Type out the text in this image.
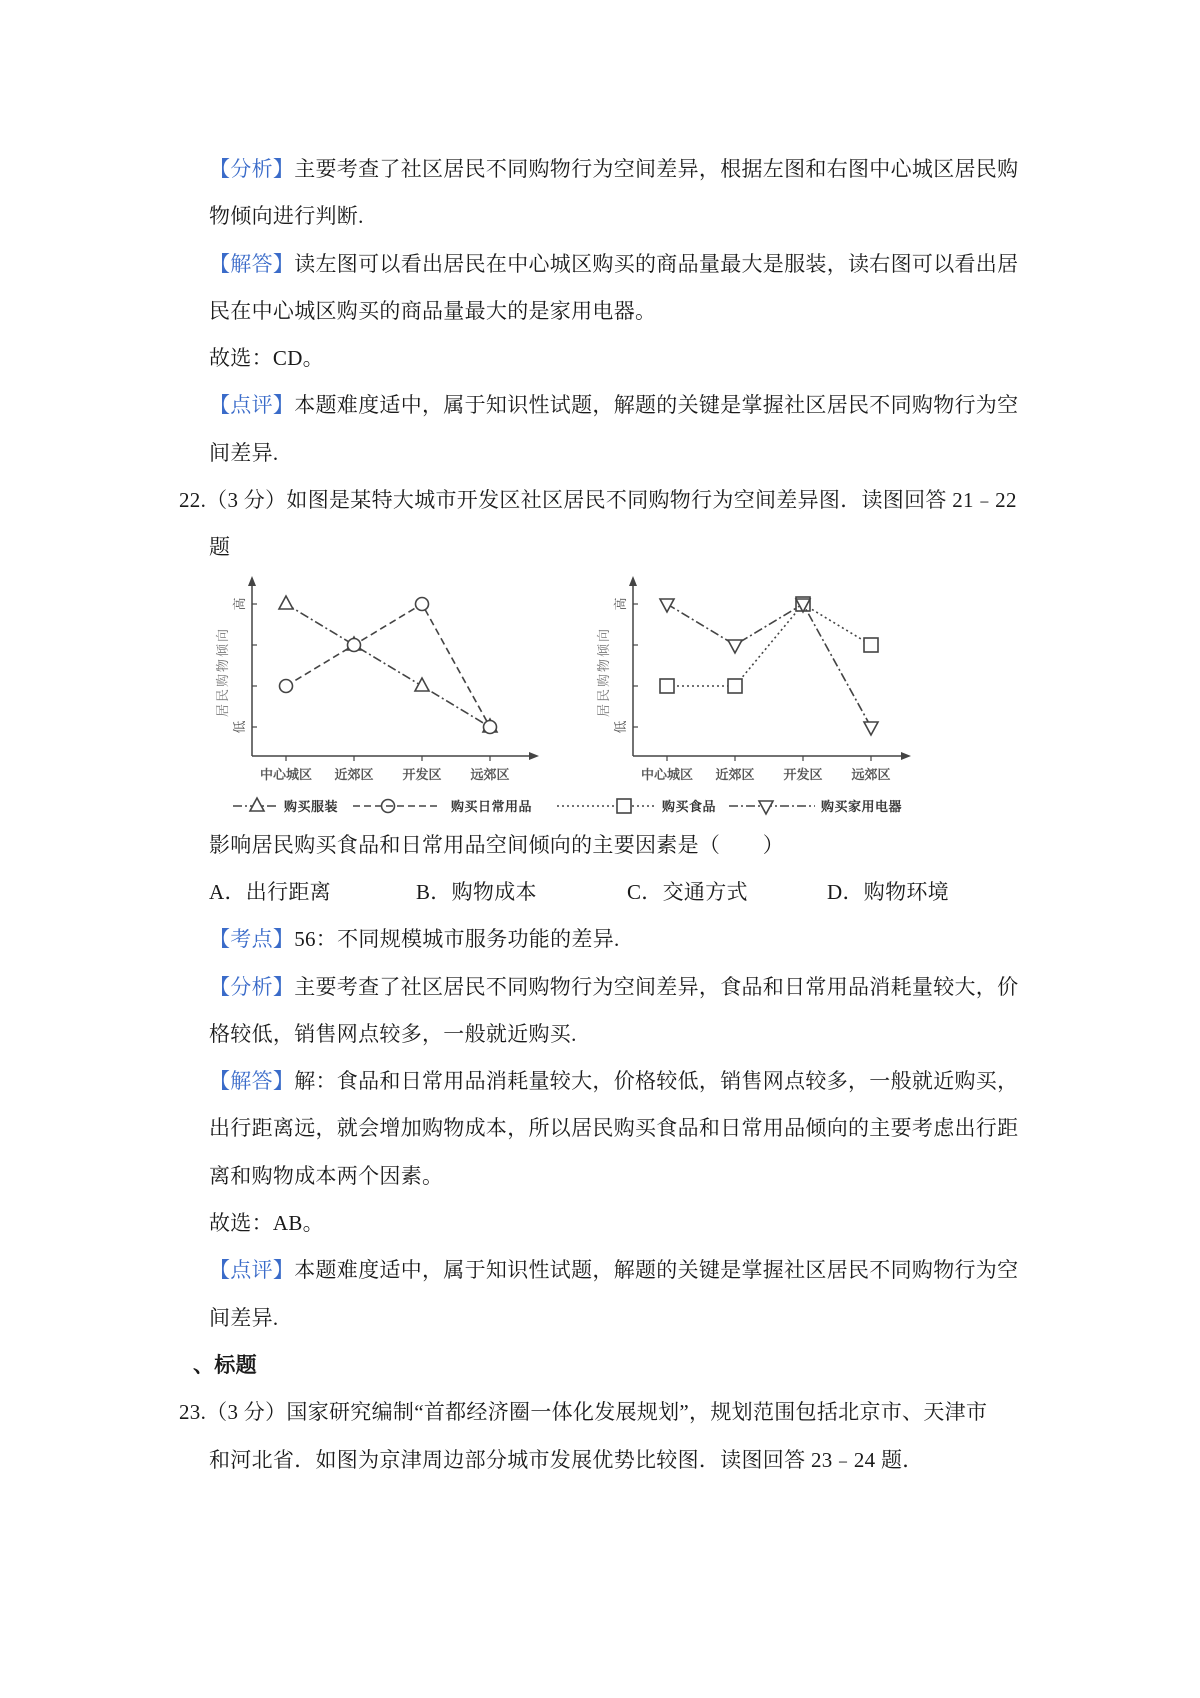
【分析】主要考查了社区居民不同购物行为空间差异，根据左图和右图中心城区居民购
物倾向进行判断.
【解答】读左图可以看出居民在中心城区购买的商品量最大是服装，读右图可以看出居
民在中心城区购买的商品量最大的是家用电器。
故选：CD。
【点评】本题难度适中，属于知识性试题，解题的关键是掌握社区居民不同购物行为空
间差异.
22.（3 分）如图是某特大城市开发区社区居民不同购物行为空间差异图．读图回答 21﹣22
题
高
低
居民购物倾向
中心城区 近郊区 开发区 远郊区
购买服装	购买日常用品
高
低
居民购物倾向
中心城区 近郊区 开发区 远郊区
购买食品	购买家用电器
影响居民购买食品和日常用品空间倾向的主要因素是（　　）
A．出行距离	B．购物成本	C．交通方式	D．购物环境
【考点】56：不同规模城市服务功能的差异.
【分析】主要考查了社区居民不同购物行为空间差异，食品和日常用品消耗量较大，价
格较低，销售网点较多，一般就近购买.
【解答】解：食品和日常用品消耗量较大，价格较低，销售网点较多，一般就近购买，
出行距离远，就会增加购物成本，所以居民购买食品和日常用品倾向的主要考虑出行距
离和购物成本两个因素。
故选：AB。
【点评】本题难度适中，属于知识性试题，解题的关键是掌握社区居民不同购物行为空
间差异.
、标题
23.（3 分）国家研究编制“首都经济圈一体化发展规划”，规划范围包括北京市、天津市
和河北省．如图为京津周边部分城市发展优势比较图．读图回答 23﹣24 题．
